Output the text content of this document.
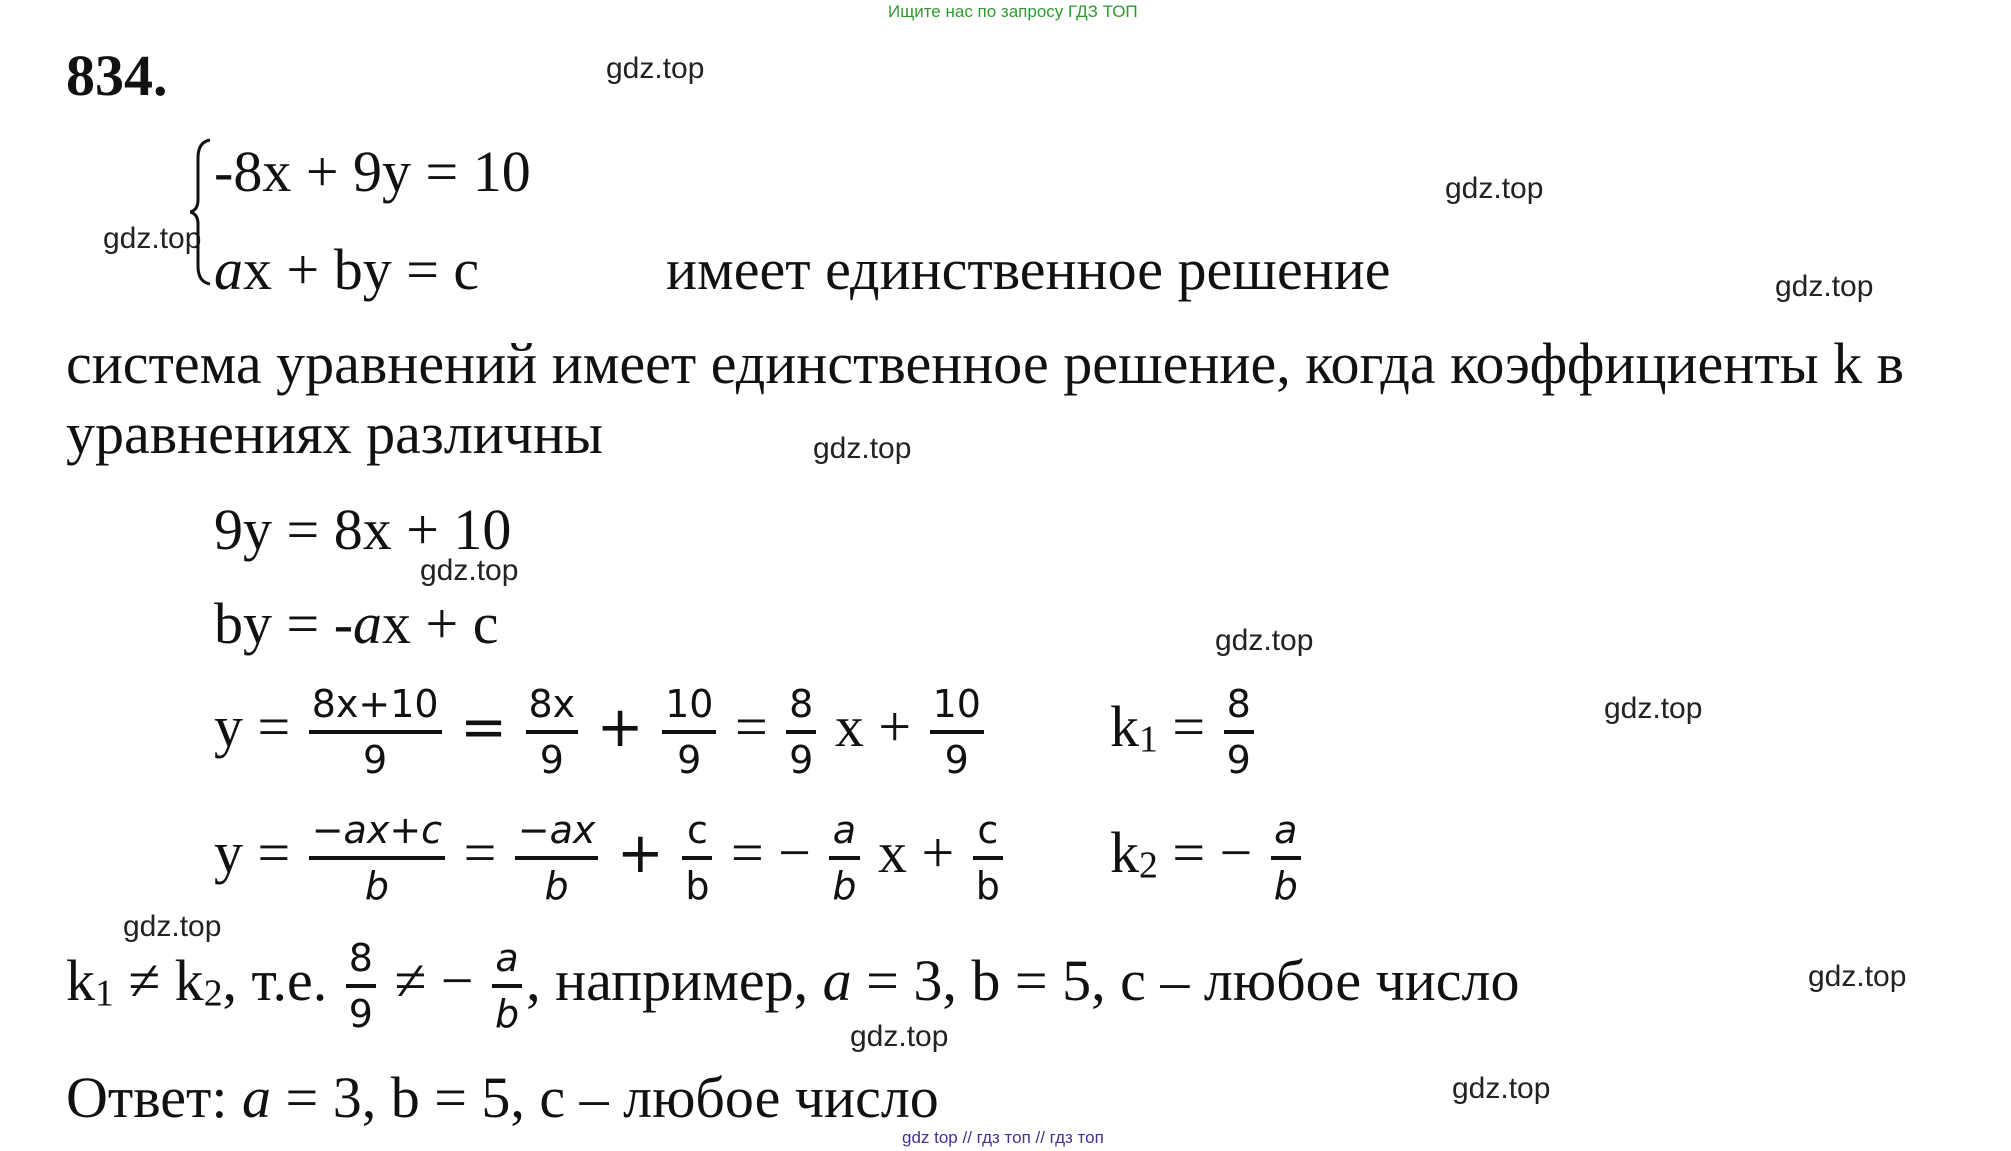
Ищите нас по запросу ГДЗ ТОП
834.	gdz.top
gdz.top
gdz.top
gdz.top
gdz.top
gdz.top
gdz.top
gdz.top
gdz.top
gdz.top
gdz.top
gdz.top
-8x + 9y = 10
ax + by = c	имеет единственное решение
система уравнений имеет единственное решение, когда коэффициенты k в
уравнениях различны
9y = 8x + 10
by = -ax + c
$y = \frac{8x+10}{9} = \frac{8x}{9} + \frac{10}{9} = \frac{8}{9}$ $x + \frac{10}{9} k1 = \frac{8}{9}$
$y = \frac{-ax+c}{b} = \frac{-ax}{b} + \frac{c}{b}$ = − $\frac{a}{b}$ $x + \frac{c}{b} k2$ = − $\frac{a}{b}$
k1 ≠ k2, т.е. $\frac{8}{9}$ ≠ − $\frac{a}{b}$ , например, a = 3, b = 5, c – любое число
Ответ: a = 3, b = 5, c – любое число
gdz top // гдз топ // гдз топ
